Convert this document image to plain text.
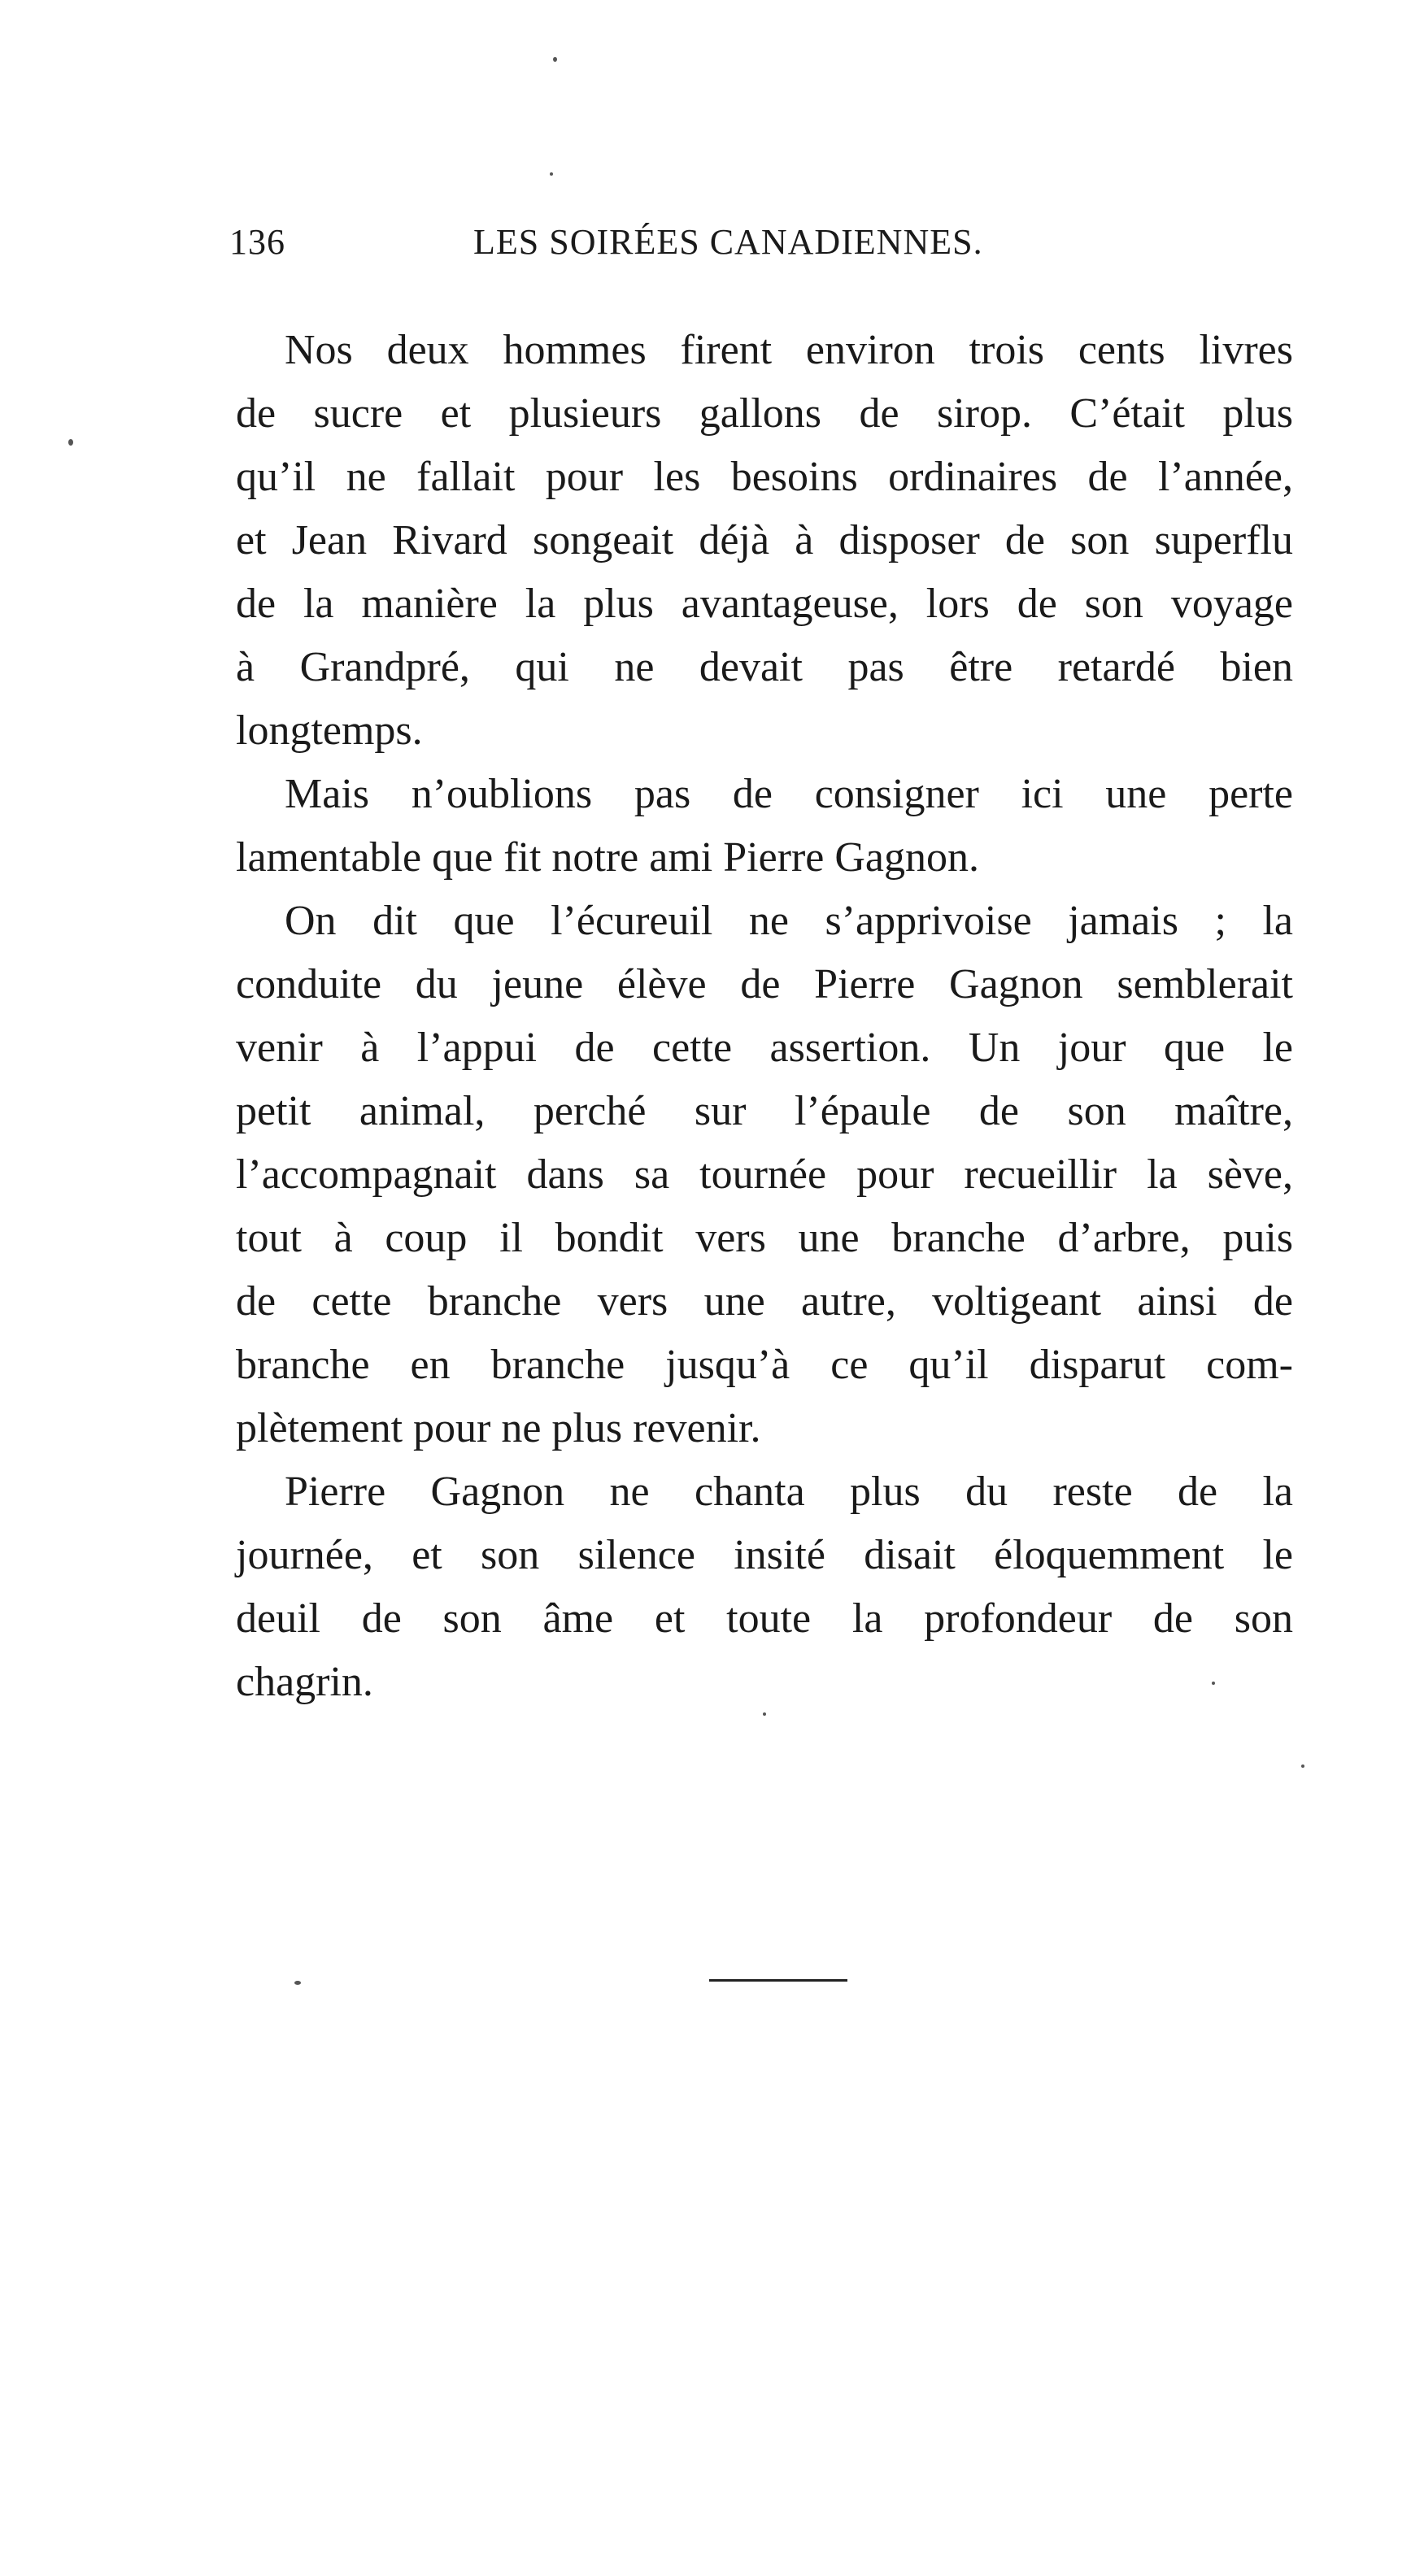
136	LES SOIRÉES CANADIENNES.
Nos deux hommes firent environ trois cents livres
de sucre et plusieurs gallons de sirop. C’était plus
qu’il ne fallait pour les besoins ordinaires de l’année,
et Jean Rivard songeait déjà à disposer de son superflu
de la manière la plus avantageuse, lors de son voyage
à Grandpré, qui ne devait pas être retardé bien
longtemps.
Mais n’oublions pas de consigner ici une perte
lamentable que fit notre ami Pierre Gagnon.
On dit que l’écureuil ne s’apprivoise jamais ; la
conduite du jeune élève de Pierre Gagnon semblerait
venir à l’appui de cette assertion. Un jour que le
petit animal, perché sur l’épaule de son maître,
l’accompagnait dans sa tournée pour recueillir la sève,
tout à coup il bondit vers une branche d’arbre, puis
de cette branche vers une autre, voltigeant ainsi de
branche en branche jusqu’à ce qu’il disparut com-
plètement pour ne plus revenir.
Pierre Gagnon ne chanta plus du reste de la
journée, et son silence insité disait éloquemment le
deuil de son âme et toute la profondeur de son
chagrin.
